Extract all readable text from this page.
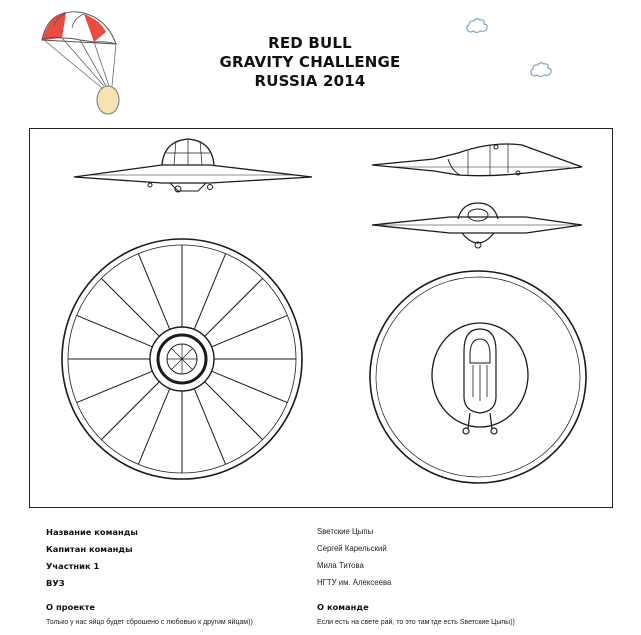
RED BULL
GRAVITY CHALLENGE
RUSSIA 2014
Название команды
Капитан команды
Участник 1
ВУЗ
О проекте
Только у нас яйцо будет сброшено с любовью к другим яйцам))
Sветские Цыпы
Сергей Карельский
Мила Титова
НГТУ им. Алексеева
О команде
Если есть на свете рай, то это там где есть Sветские Цыпы))
